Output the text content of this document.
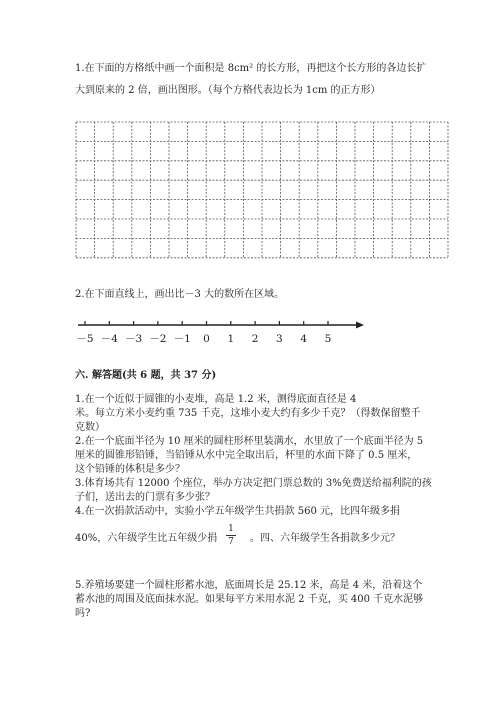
1.在下面的方格纸中画一个面积是 8cm² 的长方形，再把这个长方形的各边长扩
大到原来的 2 倍，画出图形。（每个方格代表边长为 1cm 的正方形）
2.在下面直线上，画出比－3 大的数所在区域。
－5 －4 －3 －2 －1 0 1 2 3 4 5
六. 解答题(共 6 题，共 37 分)
1.在一个近似于圆锥的小麦堆，高是 1.2 米，测得底面直径是 4
米。每立方米小麦约重 735 千克，这堆小麦大约有多少千克？（得数保留整千
克数）
2.在一个底面半径为 10 厘米的圆柱形杯里装满水，水里放了一个底面半径为 5
厘米的圆锥形铅锤，当铅锤从水中完全取出后，杯里的水面下降了 0.5 厘米，
这个铅锤的体积是多少？
3.体育场共有 12000 个座位，举办方决定把门票总数的 3%免费送给福利院的孩
子们，送出去的门票有多少张？
4.在一次捐款活动中，实验小学五年级学生共捐款 560 元，比四年级多捐
40%，六年级学生比五年级少捐
1
7 。四、六年级学生各捐款多少元？
5.养殖场要建一个圆柱形蓄水池，底面周长是 25.12 米，高是 4 米，沿着这个
蓄水池的周围及底面抹水泥。如果每平方米用水泥 2 千克，买 400 千克水泥够
吗?
